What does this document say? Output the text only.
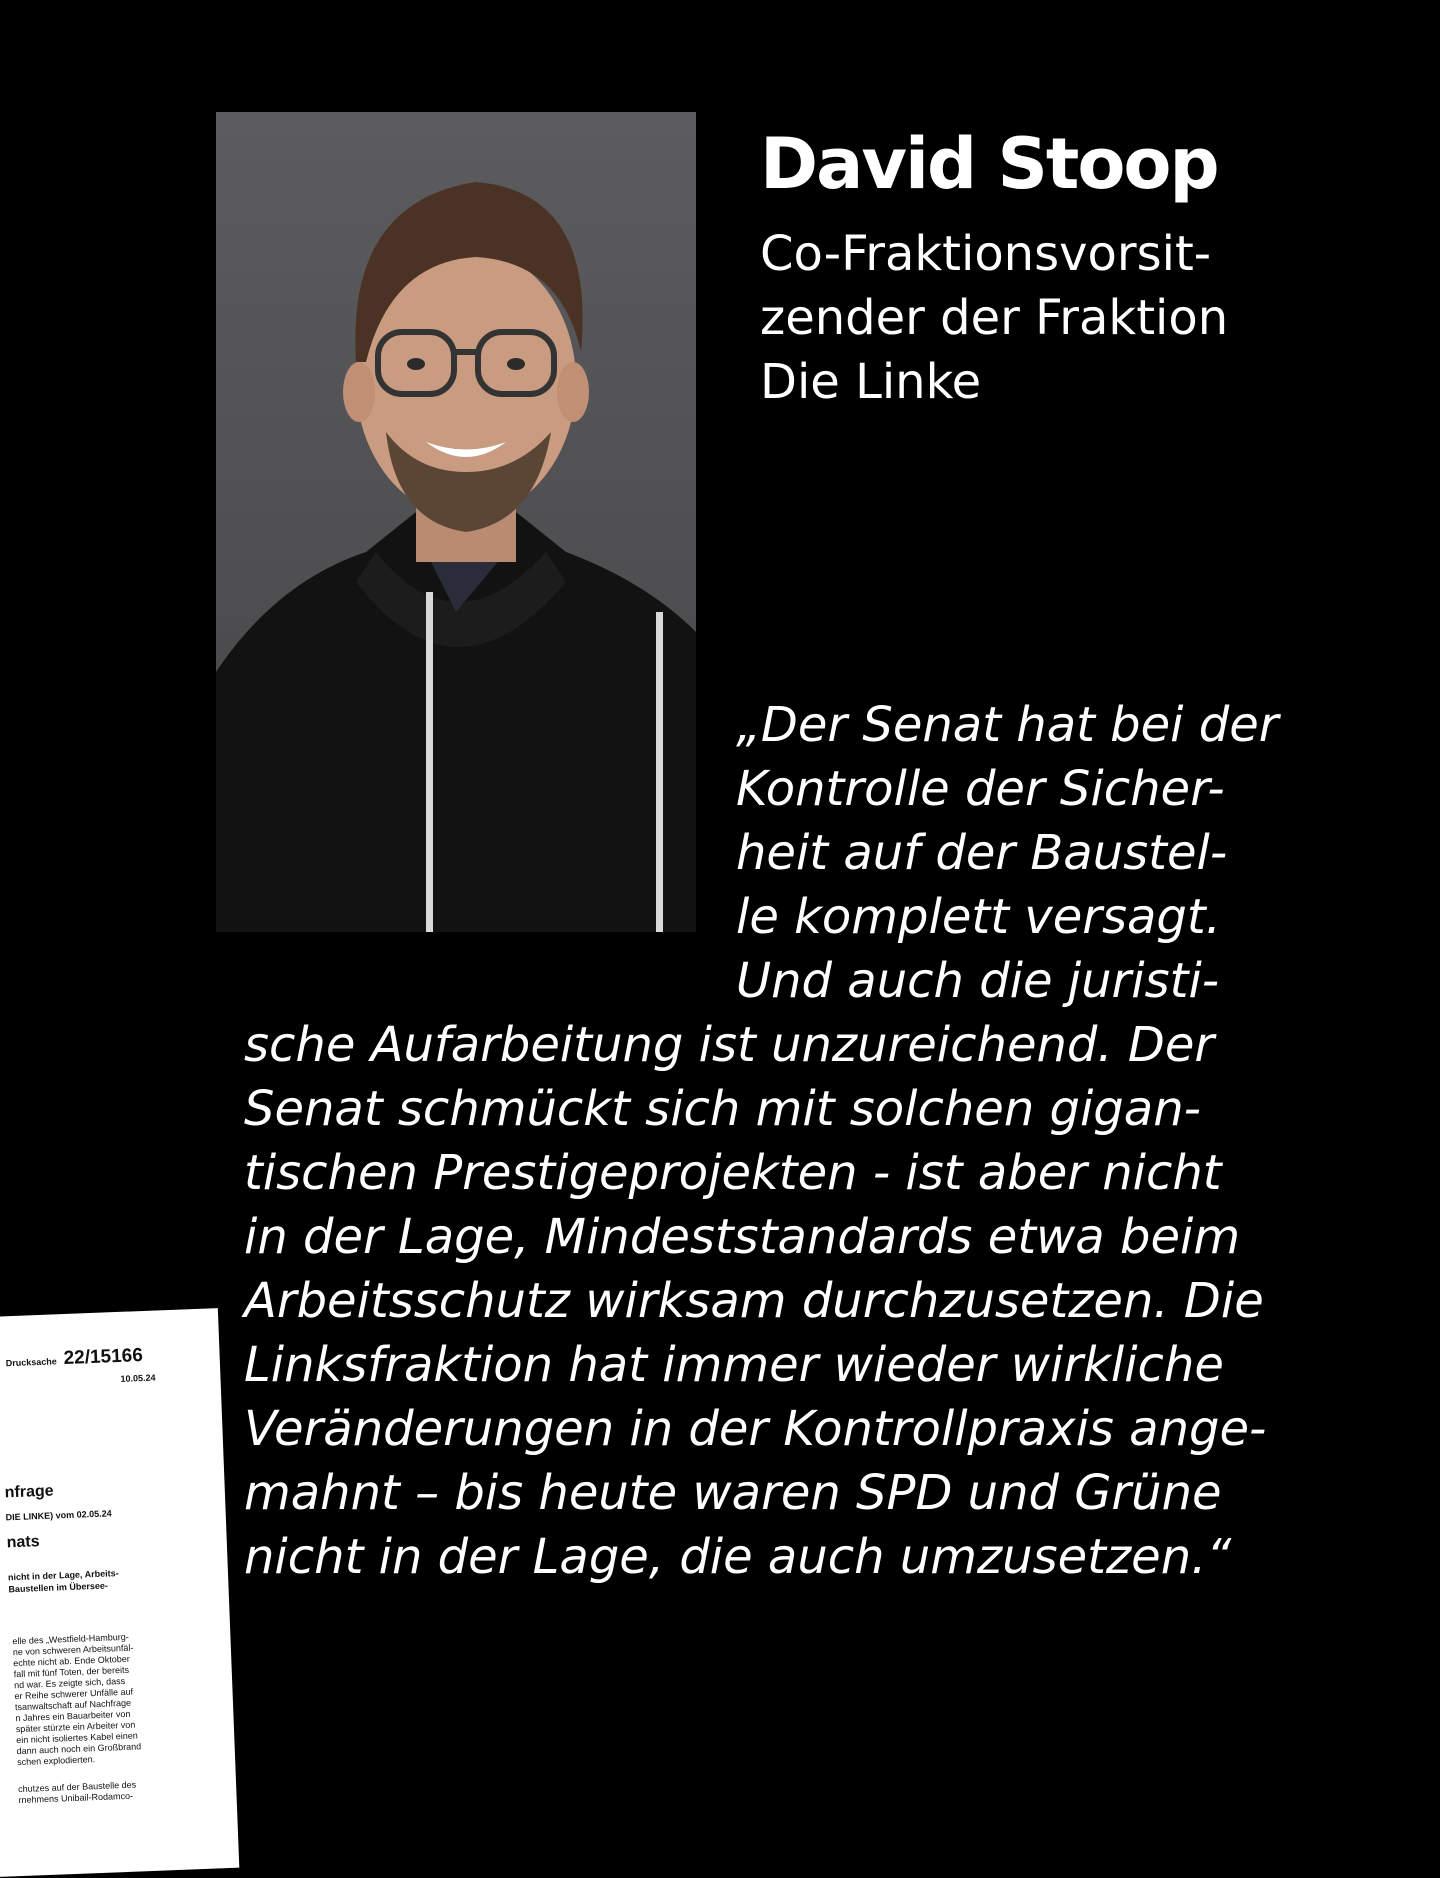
David Stoop
Co-Fraktionsvorsit-
zender der Fraktion
Die Linke
„Der Senat hat bei der
Kontrolle der Sicher-
heit auf der Baustel-
le komplett versagt.
Und auch die juristi-
sche Aufarbeitung ist unzureichend. Der
Senat schmückt sich mit solchen gigan-
tischen Prestigeprojekten - ist aber nicht
in der Lage, Mindeststandards etwa beim
Arbeitsschutz wirksam durchzusetzen. Die
Linksfraktion hat immer wieder wirkliche
Veränderungen in der Kontrollpraxis ange-
mahnt – bis heute waren SPD und Grüne
nicht in der Lage, die auch umzusetzen.“
Drucksache 22/15166
10.05.24
nfrage
DIE LINKE) vom 02.05.24
nats
nicht in der Lage, Arbeits-
Baustellen im Übersee-
elle des „Westfield-Hamburg-
ne von schweren Arbeitsunfäl-
echte nicht ab. Ende Oktober
fall mit fünf Toten, der bereits
nd war. Es zeigte sich, dass
er Reihe schwerer Unfälle auf
tsanwaltschaft auf Nachfrage
n Jahres ein Bauarbeiter von
später stürzte ein Arbeiter von
ein nicht isoliertes Kabel einen
dann auch noch ein Großbrand
schen explodierten.
chutzes auf der Baustelle des
rnehmens Unibail-Rodamco-
